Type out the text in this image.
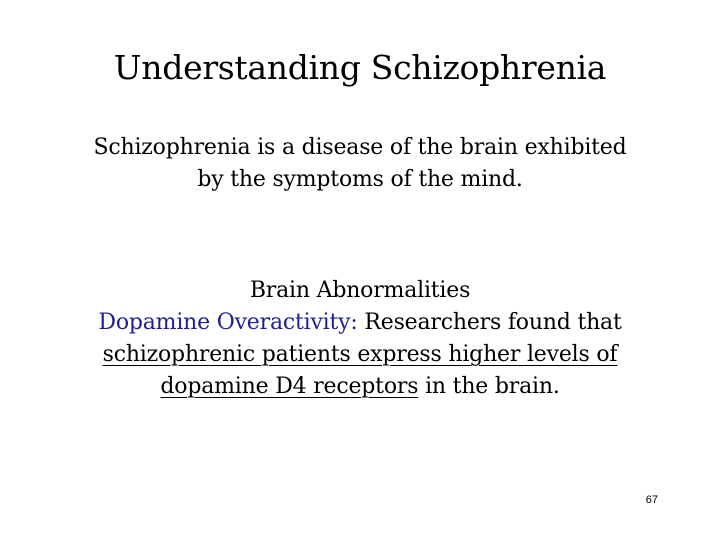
Understanding Schizophrenia
Schizophrenia is a disease of the brain exhibited
by the symptoms of the mind.
Brain Abnormalities
Dopamine Overactivity: Researchers found that
schizophrenic patients express higher levels of
dopamine D4 receptors in the brain.
67
